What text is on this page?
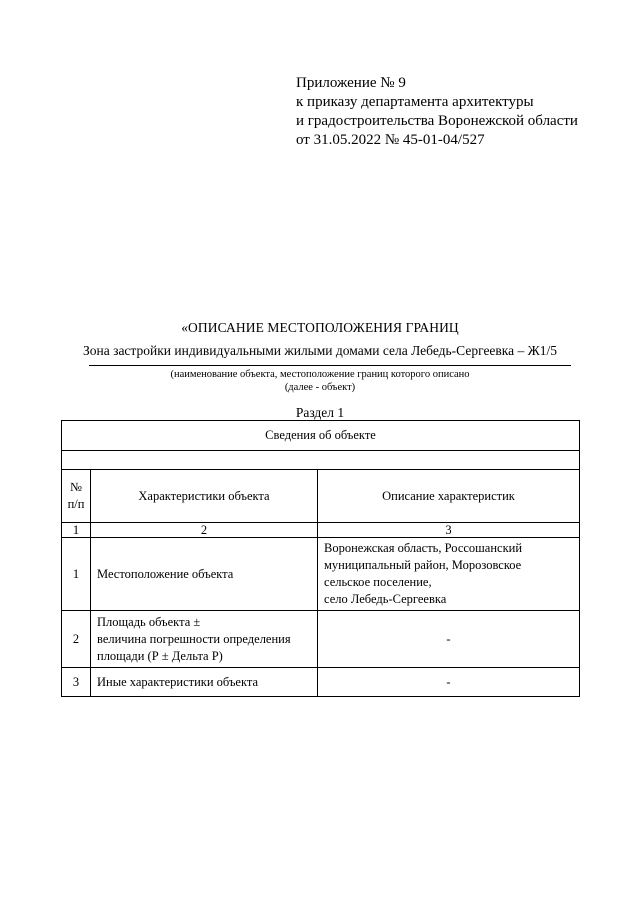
Приложение № 9
к приказу департамента архитектуры
и градостроительства Воронежской области
от 31.05.2022 № 45-01-04/527
«ОПИСАНИЕ МЕСТОПОЛОЖЕНИЯ ГРАНИЦ
Зона застройки индивидуальными жилыми домами села Лебедь-Сергеевка – Ж1/5
(наименование объекта, местоположение границ которого описано
(далее - объект)
Раздел 1
Сведения об объекте		

№
п/п	Характеристики объекта	Описание характеристик
1	2	3
1	Местоположение объекта	Воронежская область, Россошанский
муниципальный район, Морозовское
сельское поселение,
село Лебедь-Сергеевка

2	Площадь объекта ±
величина погрешности определения
площади (Р ± Дельта Р)	-
3	Иные характеристики объекта	-
